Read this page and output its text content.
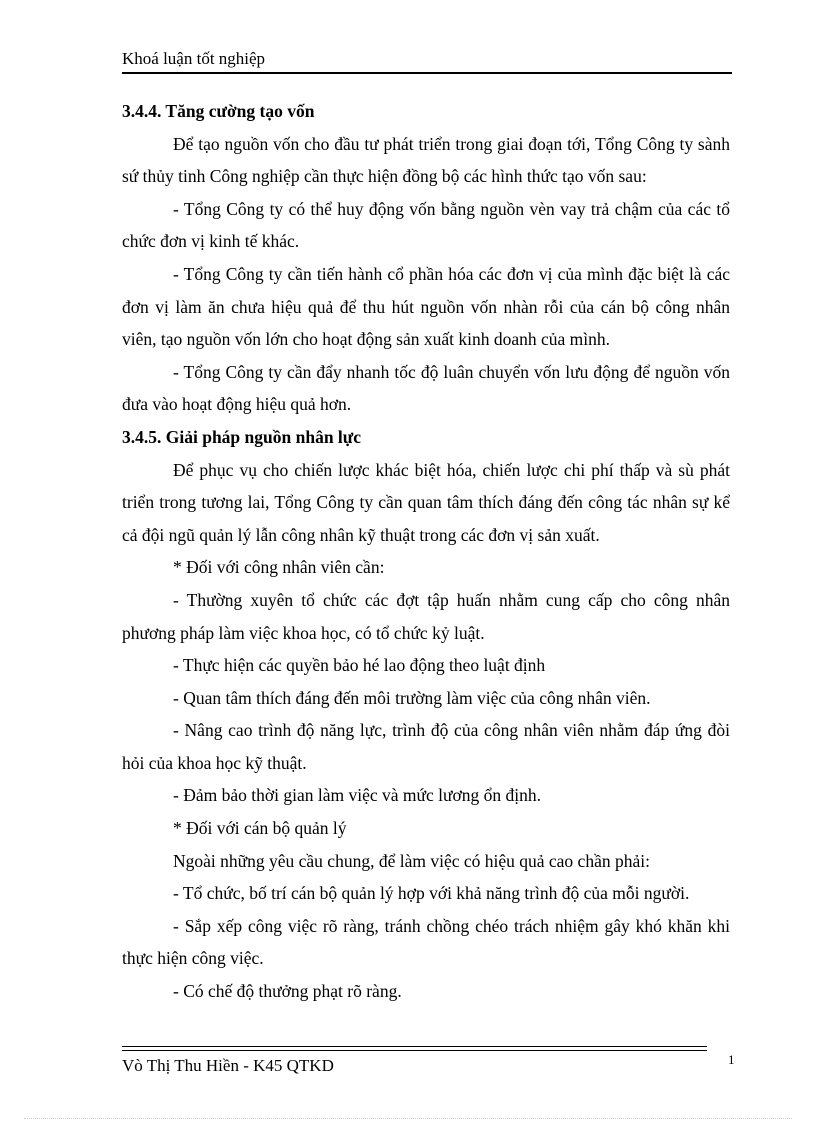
Khoá luận tốt nghiệp

3.4.4. Tăng cường tạo vốn

Để tạo nguồn vốn cho đầu tư phát triển trong giai đoạn tới, Tổng Công ty sành sứ thủy tinh Công nghiệp cần thực hiện đồng bộ các hình thức tạo vốn sau:

- Tổng Công ty có thể huy động vốn bằng nguồn vèn vay trả chậm của các tổ chức đơn vị kinh tế khác.

- Tổng Công ty cần tiến hành cổ phần hóa các đơn vị của mình đặc biệt là các đơn vị làm ăn chưa hiệu quả để thu hút nguồn vốn nhàn rỗi của cán bộ công nhân viên, tạo nguồn vốn lớn cho hoạt động sản xuất kinh doanh của mình.

- Tổng Công ty cần đẩy nhanh tốc độ luân chuyển vốn lưu động để nguồn vốn đưa vào hoạt động hiệu quả hơn.

3.4.5. Giải pháp nguồn nhân lực

Để phục vụ cho chiến lược khác biệt hóa, chiến lược chi phí thấp và sù phát triển trong tương lai, Tổng Công ty cần quan tâm thích đáng đến công tác nhân sự kể cả đội ngũ quản lý lẫn công nhân kỹ thuật trong các đơn vị sản xuất.

* Đối với công nhân viên cần:

- Thường xuyên tổ chức các đợt tập huấn nhằm cung cấp cho công nhân phương pháp làm việc khoa học, có tổ chức kỷ luật.

- Thực hiện các quyền bảo hé lao động theo luật định

- Quan tâm thích đáng đến môi trường làm việc của công nhân viên.

- Nâng cao trình độ năng lực, trình độ của công nhân viên nhằm đáp ứng đòi hỏi của khoa học kỹ thuật.

- Đảm bảo thời gian làm việc và mức lương ổn định.

* Đối với cán bộ quản lý

Ngoài những yêu cầu chung, để làm việc có hiệu quả cao chần phải:

- Tổ chức, bố trí cán bộ quản lý hợp với khả năng trình độ của mỗi người.

- Sắp xếp công việc rõ ràng, tránh chồng chéo trách nhiệm gây khó khăn khi thực hiện công việc.

- Có chế độ thưởng phạt rõ ràng.

Vò Thị Thu Hiền - K45 QTKD	1
